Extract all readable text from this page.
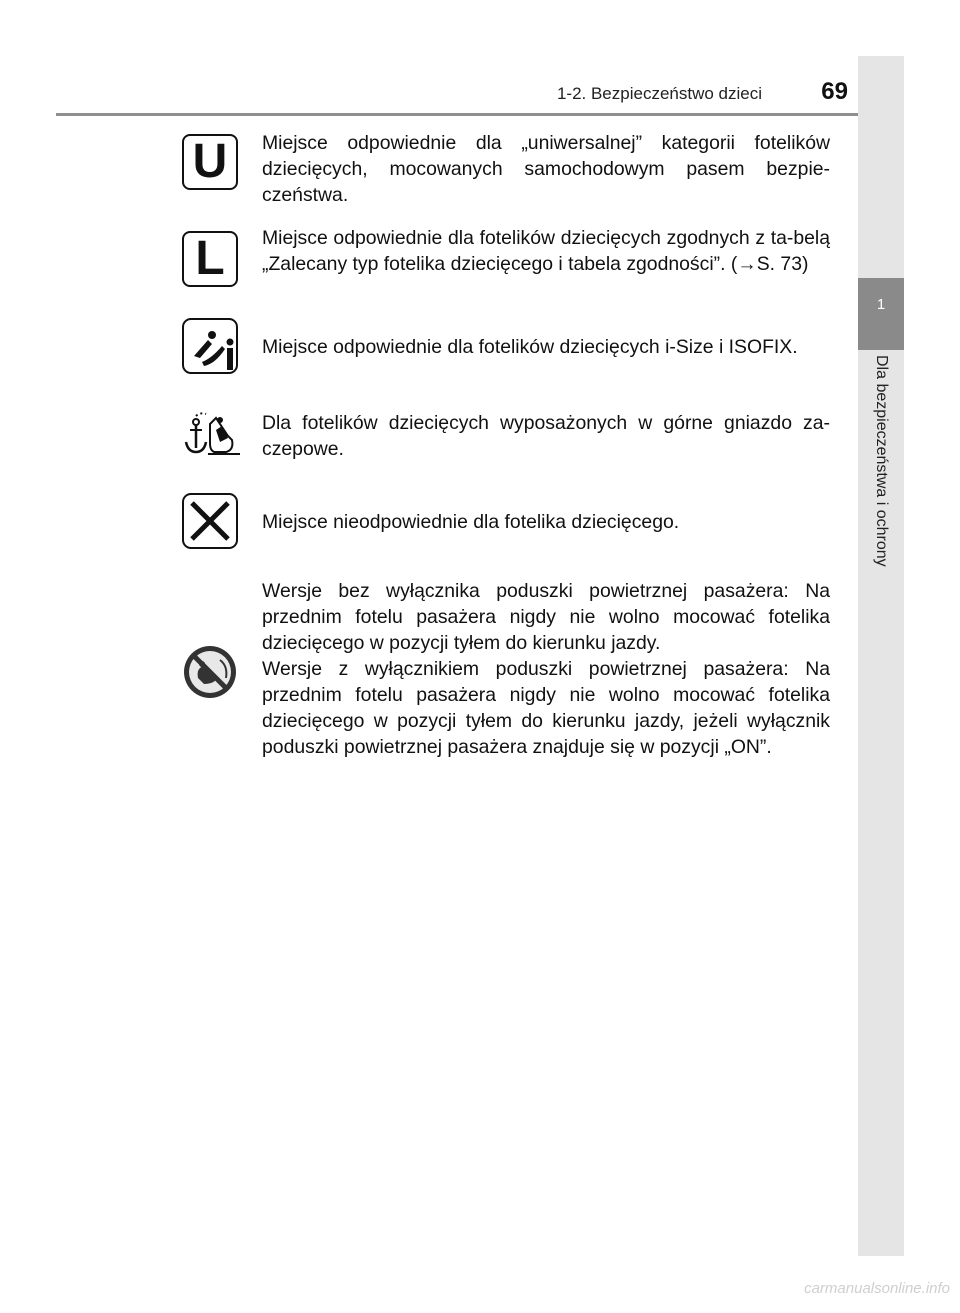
1-2. Bezpieczeństwo dzieci	69
1
Dla bezpieczeństwa i ochrony
U	Miejsce odpowiednie dla „uniwersalnej” kategorii fotelików dziecięcych, mocowanych samochodowym pasem bezpie-czeństwa.
L	Miejsce odpowiednie dla fotelików dziecięcych zgodnych z ta-belą „Zalecany typ fotelika dziecięcego i tabela zgodności”. (→S. 73)
Miejsce odpowiednie dla fotelików dziecięcych i-Size i ISOFIX.
Dla fotelików dziecięcych wyposażonych w górne gniazdo za-czepowe.
Miejsce nieodpowiednie dla fotelika dziecięcego.

Wersje bez wyłącznika poduszki powietrznej pasażera: Na przednim fotelu pasażera nigdy nie wolno mocować fotelika dziecięcego w pozycji tyłem do kierunku jazdy.

Wersje z wyłącznikiem poduszki powietrznej pasażera: Na przednim fotelu pasażera nigdy nie wolno mocować fotelika dziecięcego w pozycji tyłem do kierunku jazdy, jeżeli wyłącznik poduszki powietrznej pasażera znajduje się w pozycji „ON”.

carmanualsonline.info
